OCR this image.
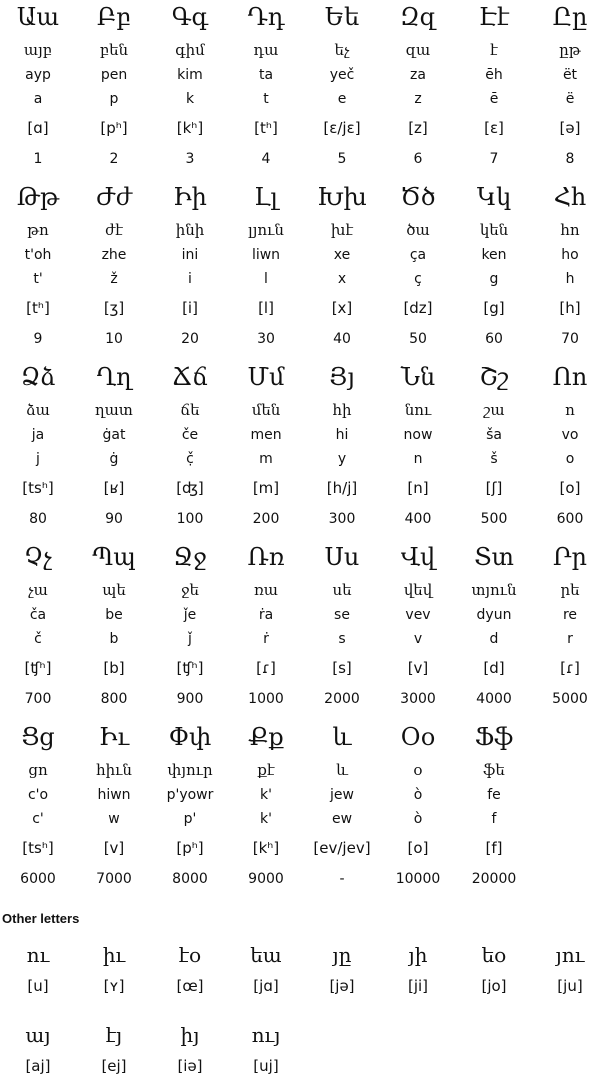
Աա
այբ
ayp
a
[ɑ]
1
Բբ
բեն
pen
p
[pʰ]
2
Գգ
գիմ
kim
k
[kʰ]
3
Դդ
դա
ta
t
[tʰ]
4
Եե
եչ
yeč
e
[ɛ/jɛ]
5
Զզ
զա
za
z
[z]
6
Էէ
է
ēh
ē
[ɛ]
7
Ըը
ըթ
ët
ë
[ə]
8
Թթ
թո
t'oh
t'
[tʰ]
9
Ժժ
ժէ
zhe
ž
[ʒ]
10
Իի
ինի
ini
i
[i]
20
Լլ
լյուն
liwn
l
[l]
30
Խխ
խէ
xe
x
[x]
40
Ծծ
ծա
ça
ç
[dz]
50
Կկ
կեն
ken
g
[g]
60
Հհ
հո
ho
h
[h]
70
Ձձ
ձա
ja
j
[tsʰ]
80
Ղղ
ղատ
ġat
ġ
[ʁ]
90
Ճճ
ճե
če
č̣
[ʤ]
100
Մմ
մեն
men
m
[m]
200
Յյ
հի
hi
y
[h/j]
300
Նն
նու
now
n
[n]
400
Շշ
շա
ša
š
[ʃ]
500
Ոո
ո
vo
o
[o]
600
Չչ
չա
ča
č
[ʧʰ]
700
Պպ
պե
be
b
[b]
800
Ջջ
ջե
ǰe
ǰ
[ʧʰ]
900
Ռռ
ռա
ṙa
ṙ
[ɾ]
1000
Սս
սե
se
s
[s]
2000
Վվ
վեվ
vev
v
[v]
3000
Տտ
տյուն
dyun
d
[d]
4000
Րր
րե
re
r
[ɾ]
5000
Ցց
ցո
c'o
c'
[tsʰ]
6000
Իւ
հիւն
hiwn
w
[v]
7000
Փփ
փյուր
p'yowr
p'
[pʰ]
8000
Քք
քէ
k'
k'
[kʰ]
9000
և
և
jew
ew
[ev/jev]
-
Օօ
օ
ò
ò
[o]
10000
Ֆֆ
ֆե
fe
f
[f]
20000
ու
[u]
իւ
[ʏ]
էօ
[œ]
եա
[jɑ]
յը
[jə]
յի
[ji]
եօ
[jo]
յու
[ju]
այ
[aj]
էյ
[ej]
իյ
[iə]
ույ
[uj]
Other letters
